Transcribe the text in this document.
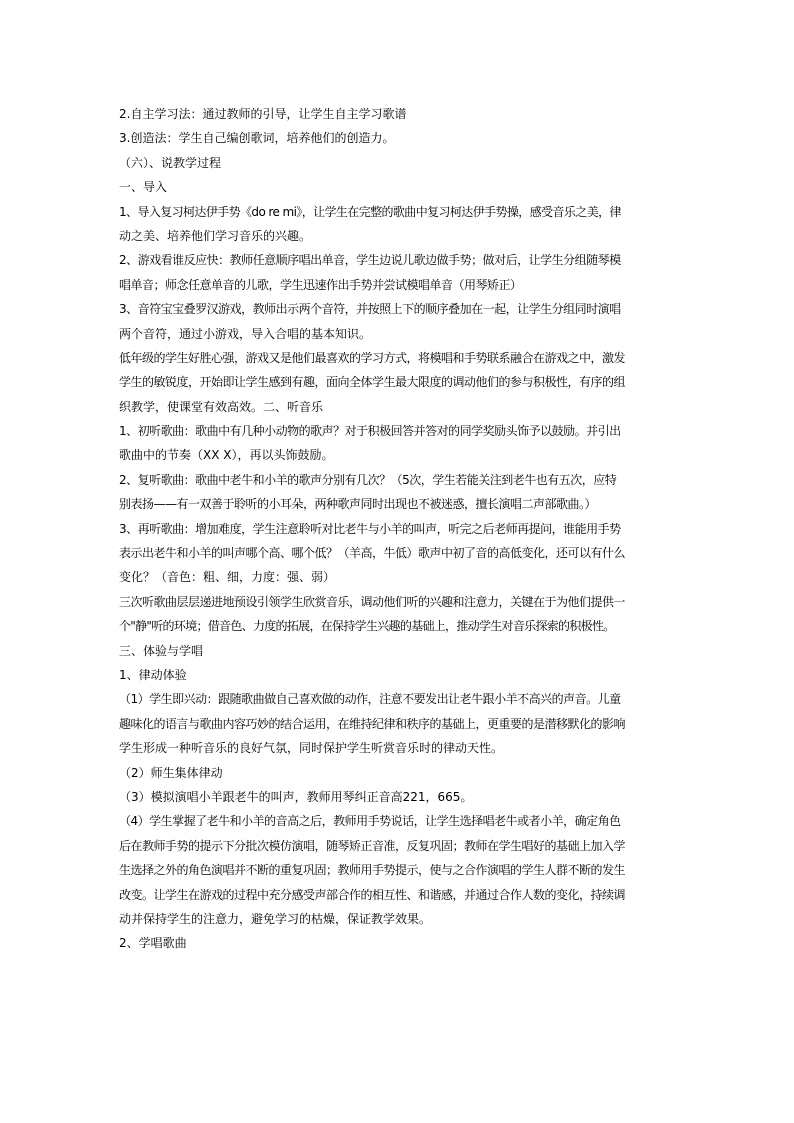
2.自主学习法：通过教师的引导，让学生自主学习歌谱
3.创造法：学生自己编创歌词，培养他们的创造力。
（六）、说教学过程
一、导入
1、导入复习柯达伊手势《do re mi》，让学生在完整的歌曲中复习柯达伊手势操，感受音乐之美，律
动之美、培养他们学习音乐的兴趣。
2、游戏看谁反应快：教师任意顺序唱出单音，学生边说儿歌边做手势；做对后，让学生分组随琴模
唱单音；师念任意单音的儿歌，学生迅速作出手势并尝试模唱单音（用琴矫正）
3、音符宝宝叠罗汉游戏，教师出示两个音符，并按照上下的顺序叠加在一起，让学生分组同时演唱
两个音符，通过小游戏，导入合唱的基本知识。
低年级的学生好胜心强，游戏又是他们最喜欢的学习方式，将模唱和手势联系融合在游戏之中，激发
学生的敏锐度，开始即让学生感到有趣，面向全体学生最大限度的调动他们的参与积极性，有序的组
织教学，使课堂有效高效。二、听音乐
1、初听歌曲：歌曲中有几种小动物的歌声？对于积极回答并答对的同学奖励头饰予以鼓励。并引出
歌曲中的节奏（XX X），再以头饰鼓励。
2、复听歌曲：歌曲中老牛和小羊的歌声分别有几次？（5次，学生若能关注到老牛也有五次，应特
别表扬——有一双善于聆听的小耳朵，两种歌声同时出现也不被迷惑，擅长演唱二声部歌曲。）
3、再听歌曲：增加难度，学生注意聆听对比老牛与小羊的叫声，听完之后老师再提问，谁能用手势
表示出老牛和小羊的叫声哪个高、哪个低？（羊高，牛低）歌声中初了音的高低变化，还可以有什么
变化？（音色：粗、细，力度：强、弱）
三次听歌曲层层递进地预设引领学生欣赏音乐，调动他们听的兴趣和注意力，关键在于为他们提供一
个"静"听的环境；借音色、力度的拓展，在保持学生兴趣的基础上，推动学生对音乐探索的积极性。
三、体验与学唱
1、律动体验
（1）学生即兴动：跟随歌曲做自己喜欢做的动作，注意不要发出让老牛跟小羊不高兴的声音。儿童
趣味化的语言与歌曲内容巧妙的结合运用，在维持纪律和秩序的基础上，更重要的是潜移默化的影响
学生形成一种听音乐的良好气氛，同时保护学生听赏音乐时的律动天性。
（2）师生集体律动
（3）模拟演唱小羊跟老牛的叫声，教师用琴纠正音高221，665。
（4）学生掌握了老牛和小羊的音高之后，教师用手势说话，让学生选择唱老牛或者小羊，确定角色
后在教师手势的提示下分批次模仿演唱，随琴矫正音准，反复巩固；教师在学生唱好的基础上加入学
生选择之外的角色演唱并不断的重复巩固；教师用手势提示，使与之合作演唱的学生人群不断的发生
改变。让学生在游戏的过程中充分感受声部合作的相互性、和谐感，并通过合作人数的变化，持续调
动并保持学生的注意力，避免学习的枯燥，保证教学效果。
2、学唱歌曲
